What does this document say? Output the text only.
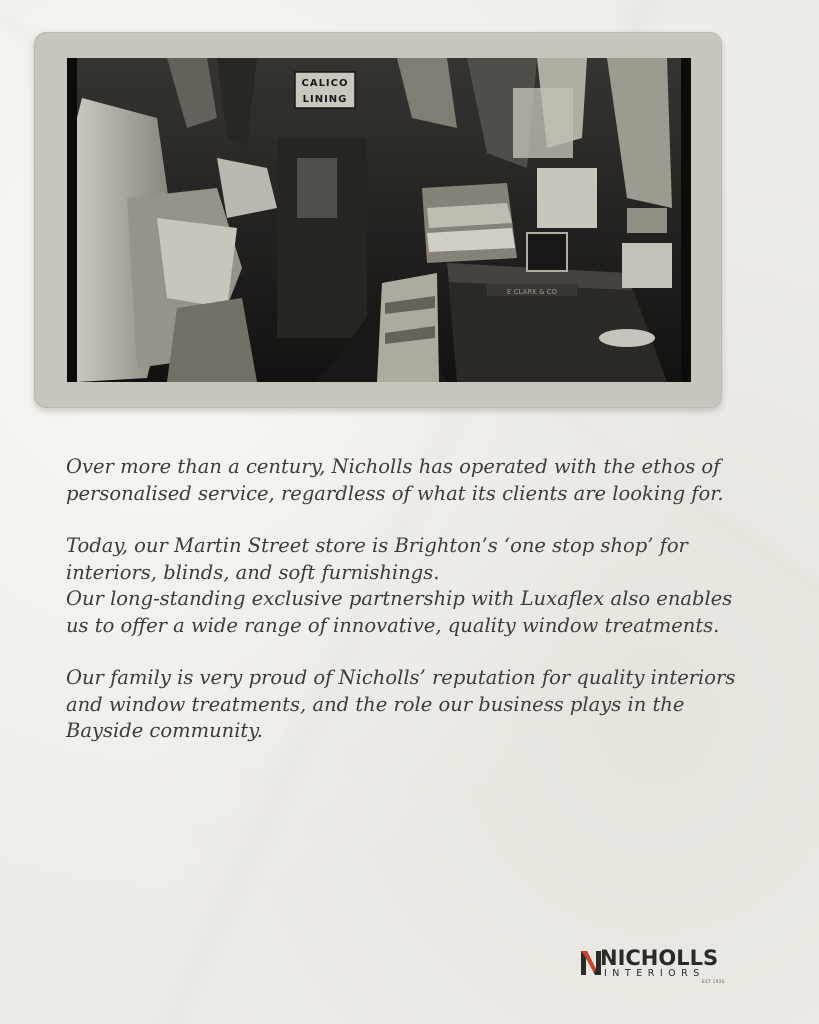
CALICO
LINING
E CLARK & CO

Over more than a century, Nicholls has operated with the ethos of personalised service, regardless of what its clients are looking for.

Today, our Martin Street store is Brighton’s ‘one stop shop’ for interiors, blinds, and soft furnishings.
Our long-standing exclusive partnership with Luxaflex also enables us to offer a wide range of innovative, quality window treatments.

Our family is very proud of Nicholls’ reputation for quality interiors and window treatments, and the role our business plays in the Bayside community.

NICHOLLS
INTERIORS
EST 1920
